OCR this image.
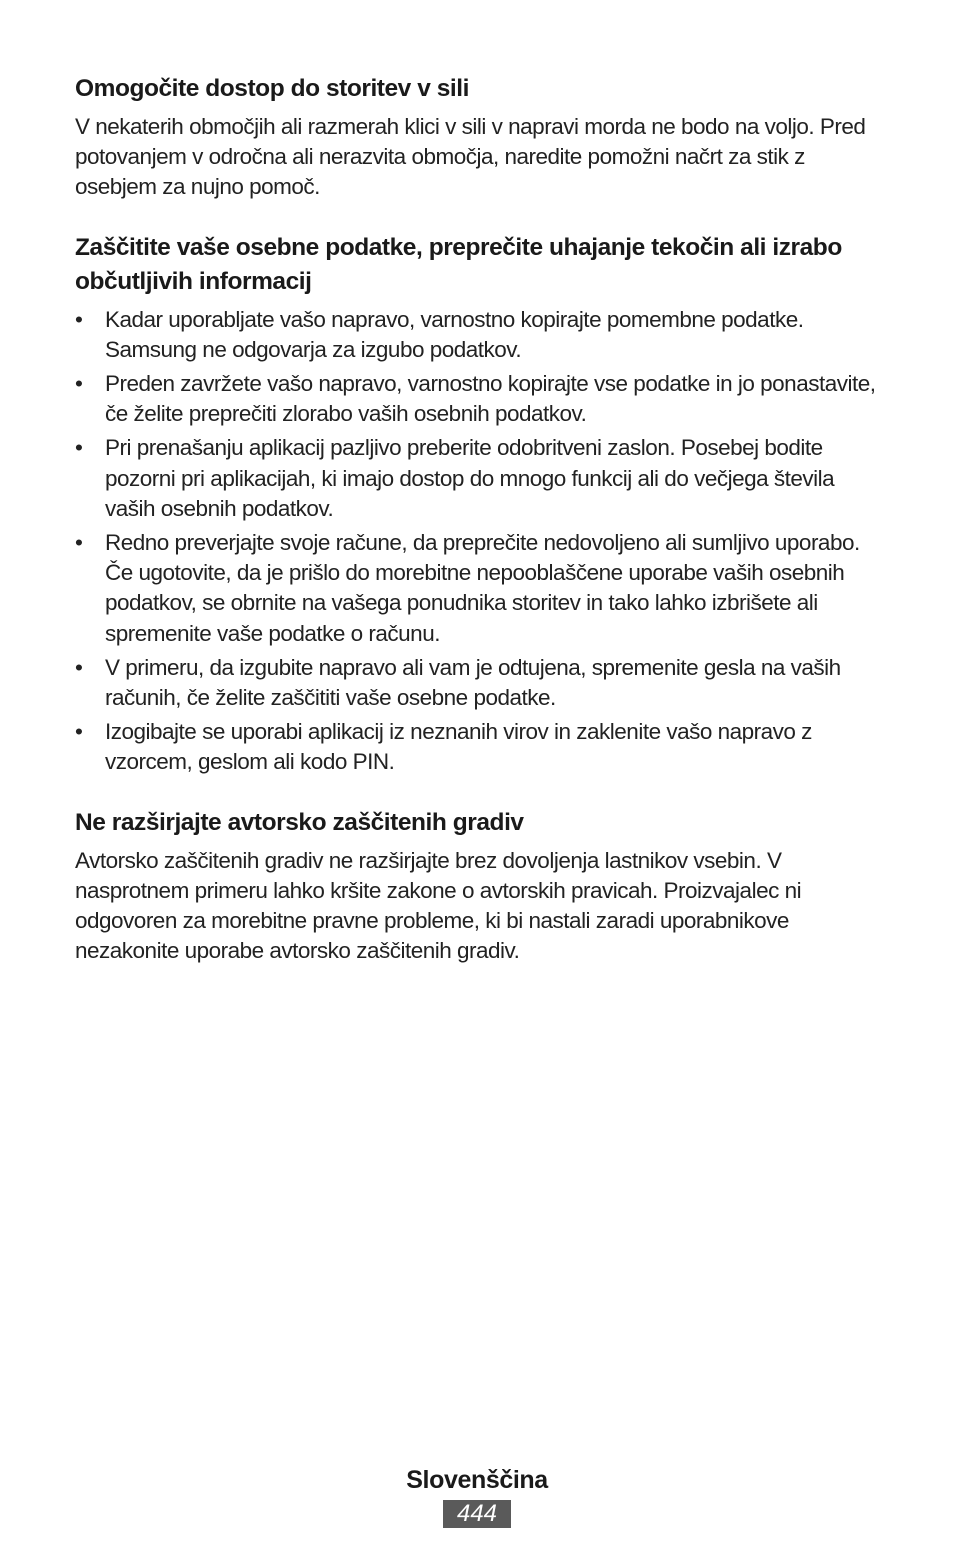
Omogočite dostop do storitev v sili

V nekaterih območjih ali razmerah klici v sili v napravi morda ne bodo na voljo. Pred potovanjem v odročna ali nerazvita območja, naredite pomožni načrt za stik z osebjem za nujno pomoč.

Zaščitite vaše osebne podatke, preprečite uhajanje tekočin ali izrabo občutljivih informacij
•	Kadar uporabljate vašo napravo, varnostno kopirajte pomembne podatke. Samsung ne odgovarja za izgubo podatkov.
•	Preden zavržete vašo napravo, varnostno kopirajte vse podatke in jo ponastavite, če želite preprečiti zlorabo vaših osebnih podatkov.
•	Pri prenašanju aplikacij pazljivo preberite odobritveni zaslon. Posebej bodite pozorni pri aplikacijah, ki imajo dostop do mnogo funkcij ali do večjega števila vaših osebnih podatkov.
•	Redno preverjajte svoje račune, da preprečite nedovoljeno ali sumljivo uporabo. Če ugotovite, da je prišlo do morebitne nepooblaščene uporabe vaših osebnih podatkov, se obrnite na vašega ponudnika storitev in tako lahko izbrišete ali spremenite vaše podatke o računu.
•	V primeru, da izgubite napravo ali vam je odtujena, spremenite gesla na vaših računih, če želite zaščititi vaše osebne podatke.
•	Izogibajte se uporabi aplikacij iz neznanih virov in zaklenite vašo napravo z vzorcem, geslom ali kodo PIN.
Ne razširjajte avtorsko zaščitenih gradiv

Avtorsko zaščitenih gradiv ne razširjajte brez dovoljenja lastnikov vsebin. V nasprotnem primeru lahko kršite zakone o avtorskih pravicah. Proizvajalec ni odgovoren za morebitne pravne probleme, ki bi nastali zaradi uporabnikove nezakonite uporabe avtorsko zaščitenih gradiv.

Slovenščina
444
